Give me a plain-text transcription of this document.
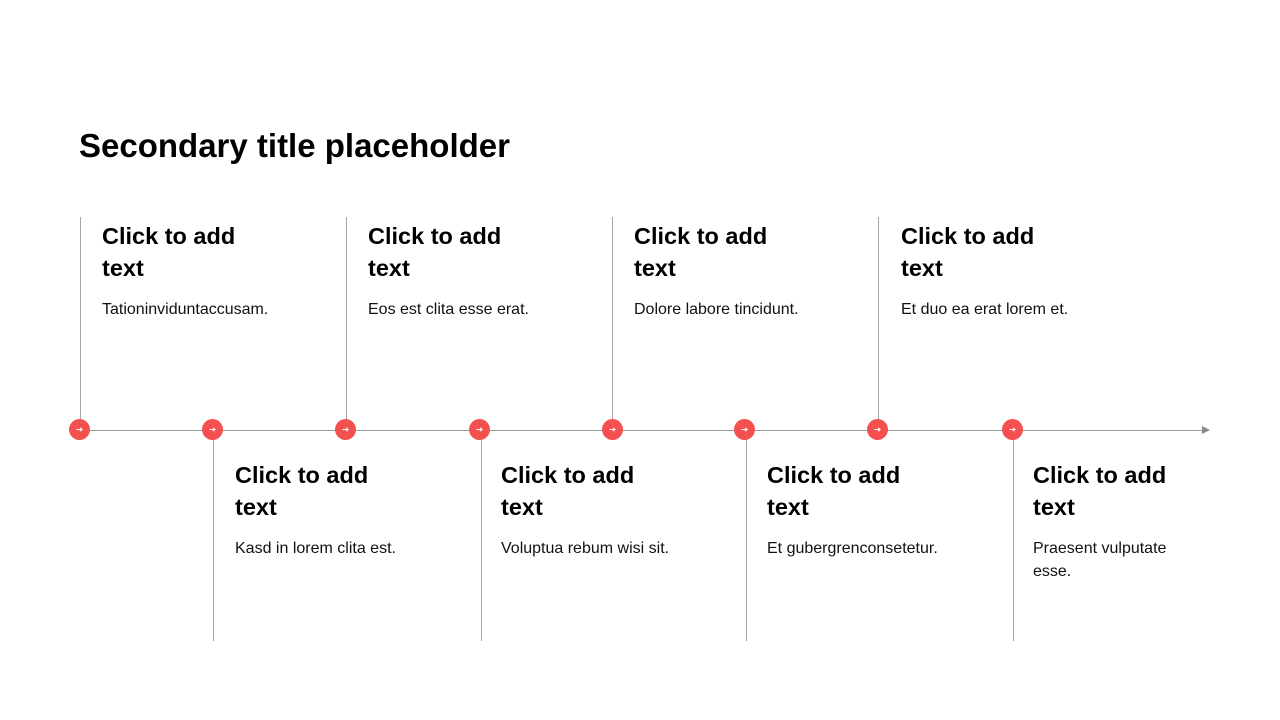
Secondary title placeholder
Click to add text
Tationinviduntaccusam.
Click to add text
Eos est clita esse erat.
Click to add text
Dolore labore tincidunt.
Click to add text
Et duo ea erat lorem et.
Click to add text
Kasd in lorem clita est.
Click to add text
Voluptua rebum wisi sit.
Click to add text
Et gubergrenconsetetur.
Click to add text
Praesent vulputate esse.
